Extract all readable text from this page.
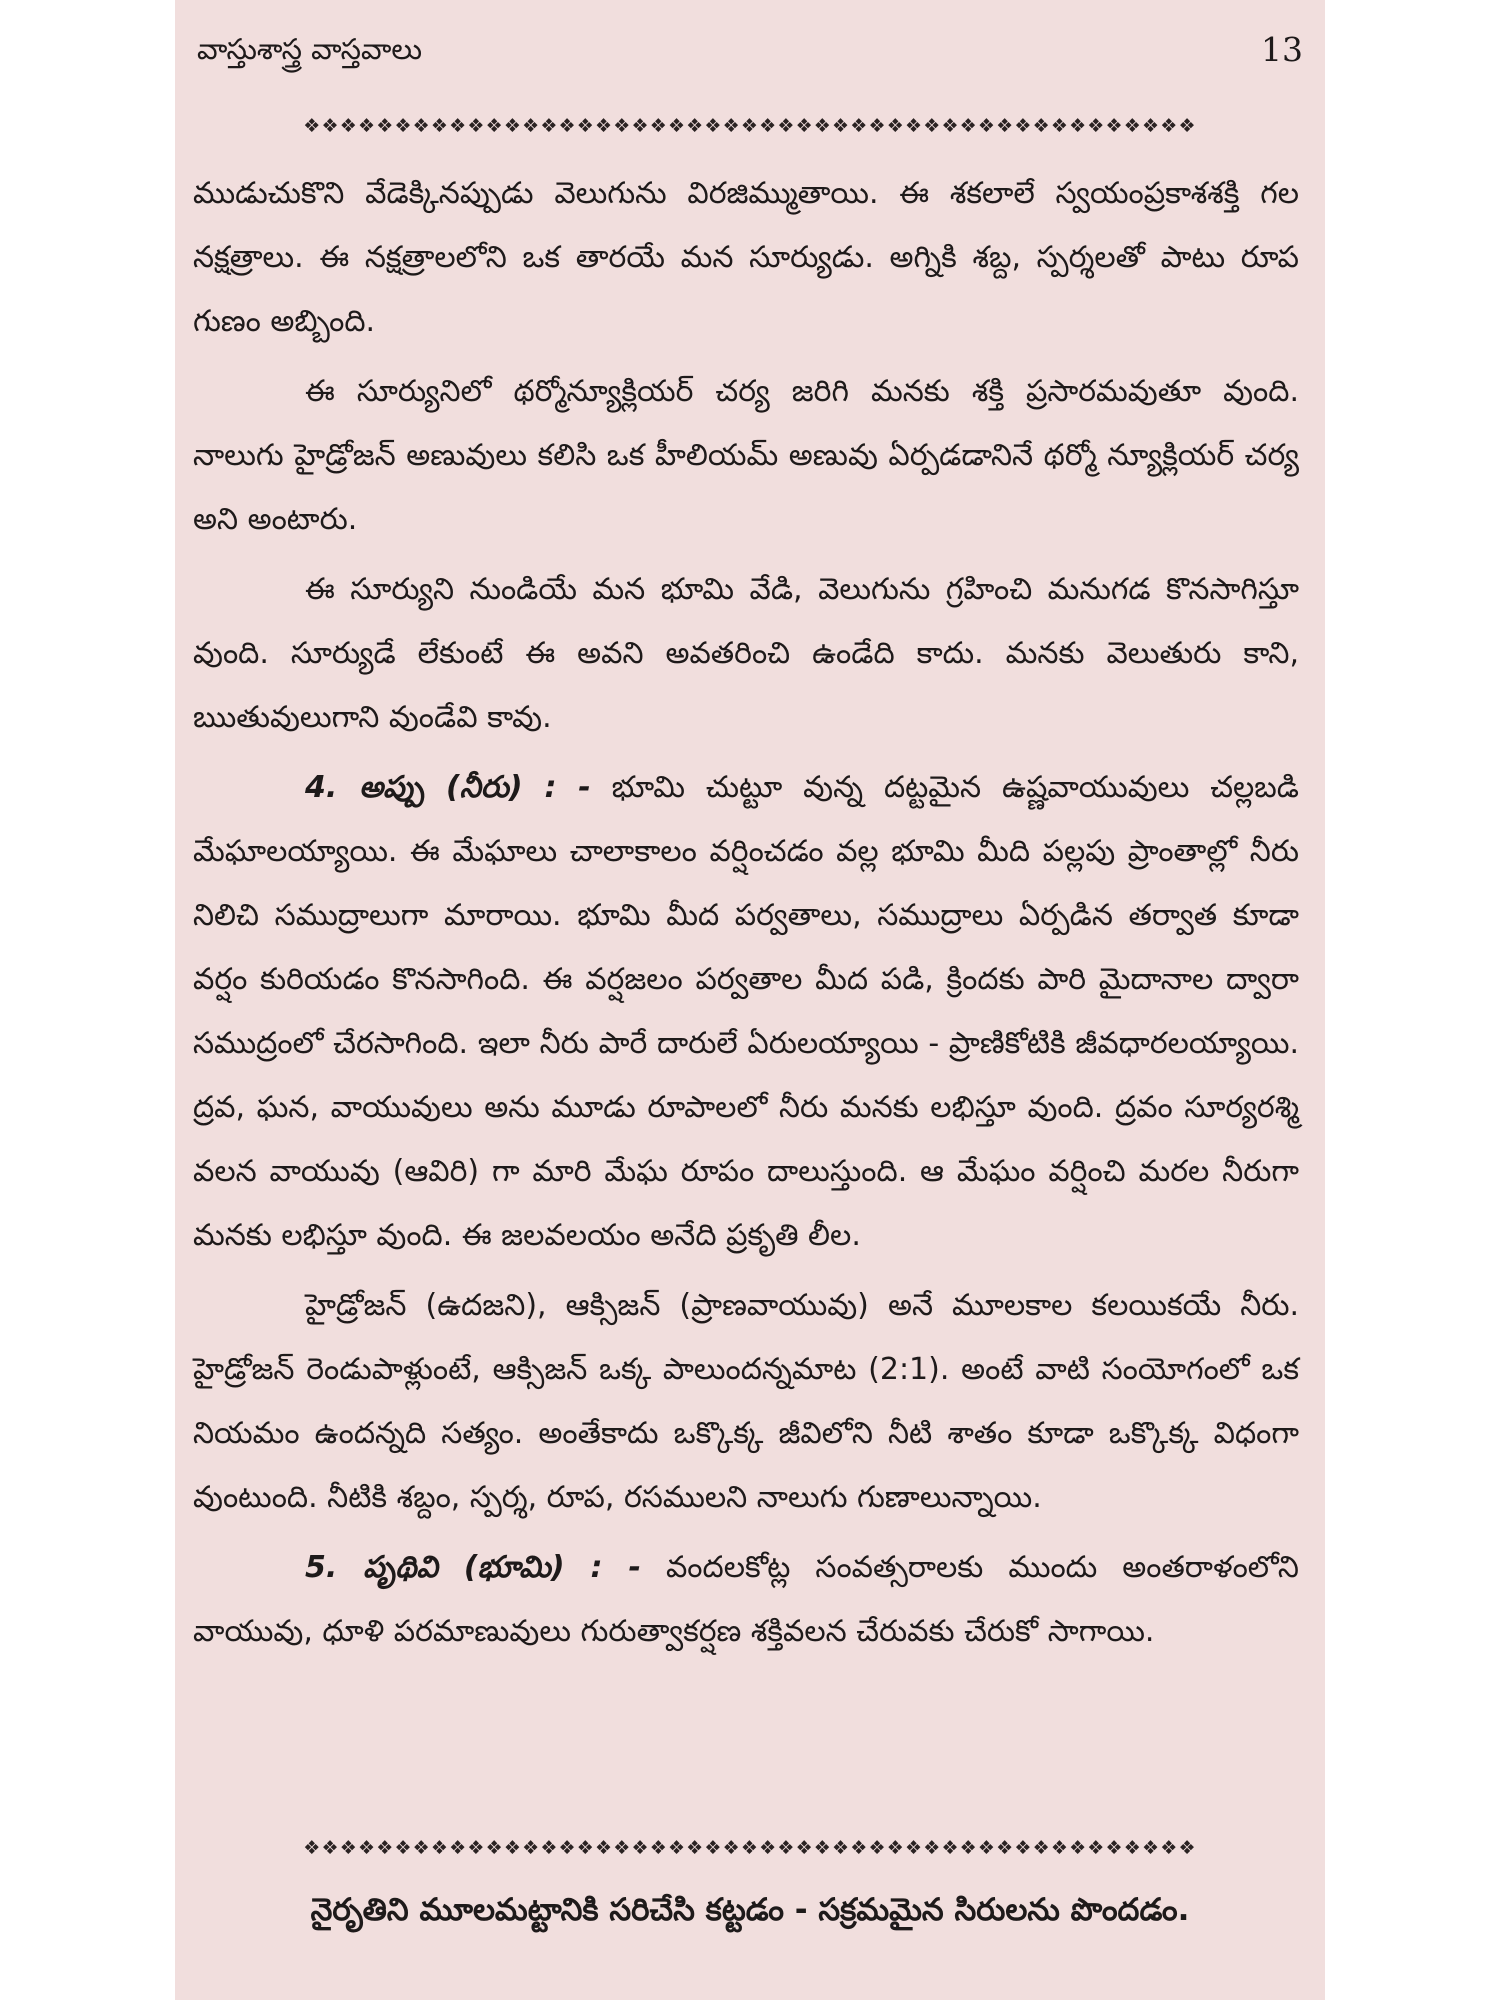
వాస్తుశాస్త్ర వాస్తవాలు	13
❖❖❖❖❖❖❖❖❖❖❖❖❖❖❖❖❖❖❖❖❖❖❖❖❖❖❖❖❖❖❖❖❖❖❖❖❖❖❖❖❖❖❖❖❖❖❖❖❖

ముడుచుకొని వేడెక్కినప్పుడు వెలుగును విరజిమ్ముతాయి. ఈ శకలాలే స్వయంప్రకాశశక్తి గల నక్షత్రాలు. ఈ నక్షత్రాలలోని ఒక తారయే మన సూర్యుడు. అగ్నికి శబ్ద, స్పర్శలతో పాటు రూప గుణం అబ్బింది.

ఈ సూర్యునిలో థర్మోన్యూక్లియర్ చర్య జరిగి మనకు శక్తి ప్రసారమవుతూ వుంది. నాలుగు హైడ్రోజన్ అణువులు కలిసి ఒక హీలియమ్ అణువు ఏర్పడడానినే థర్మో న్యూక్లియర్ చర్య అని అంటారు.

ఈ సూర్యుని నుండియే మన భూమి వేడి, వెలుగును గ్రహించి మనుగడ కొనసాగిస్తూ వుంది. సూర్యుడే లేకుంటే ఈ అవని అవతరించి ఉండేది కాదు. మనకు వెలుతురు కాని, ఋతువులుగాని వుండేవి కావు.

4. అప్పు (నీరు) : - భూమి చుట్టూ వున్న దట్టమైన ఉష్ణవాయువులు చల్లబడి మేఘాలయ్యాయి. ఈ మేఘాలు చాలాకాలం వర్షించడం వల్ల భూమి మీది పల్లపు ప్రాంతాల్లో నీరు నిలిచి సముద్రాలుగా మారాయి. భూమి మీద పర్వతాలు, సముద్రాలు ఏర్పడిన తర్వాత కూడా వర్షం కురియడం కొనసాగింది. ఈ వర్షజలం పర్వతాల మీద పడి, క్రిందకు పారి మైదానాల ద్వారా సముద్రంలో చేరసాగింది. ఇలా నీరు పారే దారులే ఏరులయ్యాయి - ప్రాణికోటికి జీవధారలయ్యాయి. ద్రవ, ఘన, వాయువులు అను మూడు రూపాలలో నీరు మనకు లభిస్తూ వుంది. ద్రవం సూర్యరశ్మి వలన వాయువు (ఆవిరి) గా మారి మేఘ రూపం దాలుస్తుంది. ఆ మేఘం వర్షించి మరల నీరుగా మనకు లభిస్తూ వుంది. ఈ జలవలయం అనేది ప్రకృతి లీల.

హైడ్రోజన్ (ఉదజని), ఆక్సిజన్ (ప్రాణవాయువు) అనే మూలకాల కలయికయే నీరు. హైడ్రోజన్ రెండుపాళ్లుంటే, ఆక్సిజన్ ఒక్క పాలుందన్నమాట (2:1). అంటే వాటి సంయోగంలో ఒక నియమం ఉందన్నది సత్యం. అంతేకాదు ఒక్కొక్క జీవిలోని నీటి శాతం కూడా ఒక్కొక్క విధంగా వుంటుంది. నీటికి శబ్దం, స్పర్శ, రూప, రసములని నాలుగు గుణాలున్నాయి.

5. పృథివి (భూమి) : - వందలకోట్ల సంవత్సరాలకు ముందు అంతరాళంలోని వాయువు, ధూళి పరమాణువులు గురుత్వాకర్షణ శక్తివలన చేరువకు చేరుకో సాగాయి.

❖❖❖❖❖❖❖❖❖❖❖❖❖❖❖❖❖❖❖❖❖❖❖❖❖❖❖❖❖❖❖❖❖❖❖❖❖❖❖❖❖❖❖❖❖❖❖❖❖
నైరృతిని మూలమట్టానికి సరిచేసి కట్టడం - సక్రమమైన సిరులను పొందడం.
